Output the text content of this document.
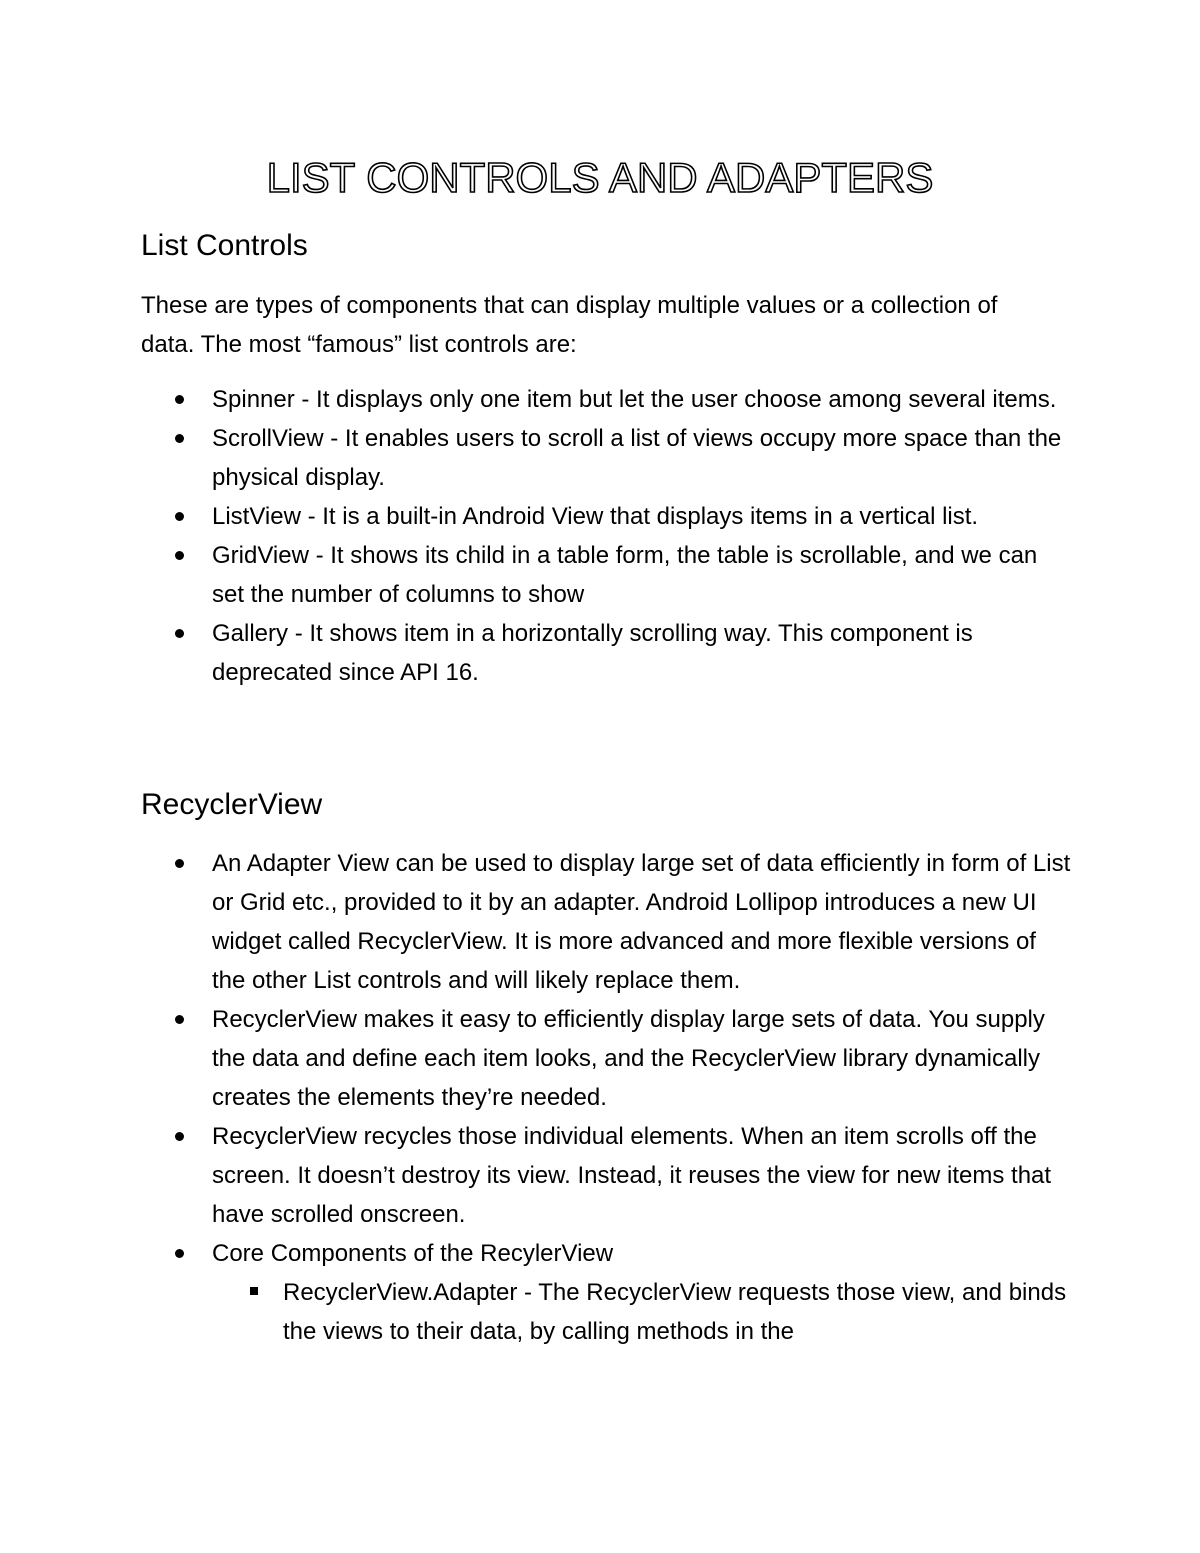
LIST CONTROLS AND ADAPTERS
List Controls

These are types of components that can display multiple values or a collection of data. The most “famous” list controls are:

Spinner - It displays only one item but let the user choose among several items.
ScrollView - It enables users to scroll a list of views occupy more space than the physical display.
ListView - It is a built-in Android View that displays items in a vertical list.
GridView - It shows its child in a table form, the table is scrollable, and we can set the number of columns to show
Gallery - It shows item in a horizontally scrolling way. This component is deprecated since API 16.
RecyclerView
An Adapter View can be used to display large set of data efficiently in form of List or Grid etc., provided to it by an adapter. Android Lollipop introduces a new UI widget called RecyclerView. It is more advanced and more flexible versions of the other List controls and will likely replace them.
RecyclerView makes it easy to efficiently display large sets of data. You supply the data and define each item looks, and the RecyclerView library dynamically creates the elements they’re needed.
RecyclerView recycles those individual elements. When an item scrolls off the screen. It doesn’t destroy its view. Instead, it reuses the view for new items that have scrolled onscreen.
Core Components of the RecylerView
RecyclerView.Adapter - The RecyclerView requests those view, and binds the views to their data, by calling methods in the
